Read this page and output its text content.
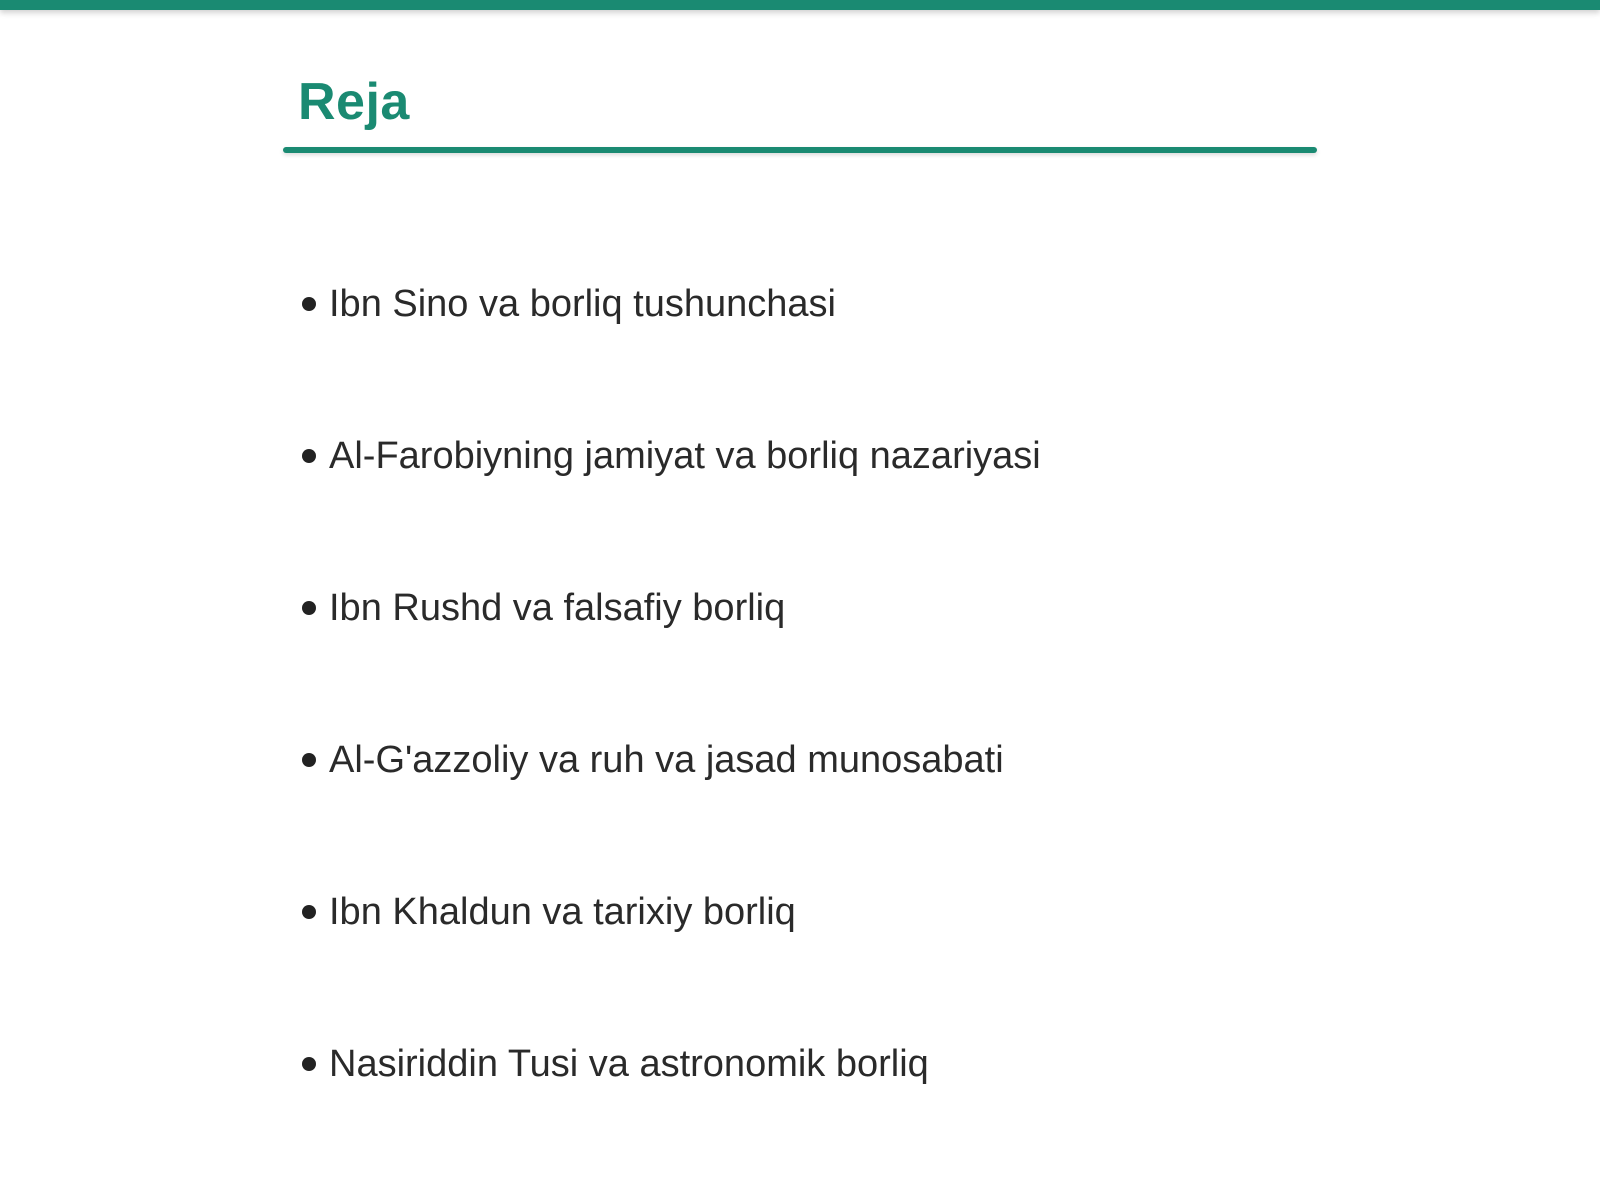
Reja
Ibn Sino va borliq tushunchasi
Al-Farobiyning jamiyat va borliq nazariyasi
Ibn Rushd va falsafiy borliq
Al-G'azzoliy va ruh va jasad munosabati
Ibn Khaldun va tarixiy borliq
Nasiriddin Tusi va astronomik borliq
